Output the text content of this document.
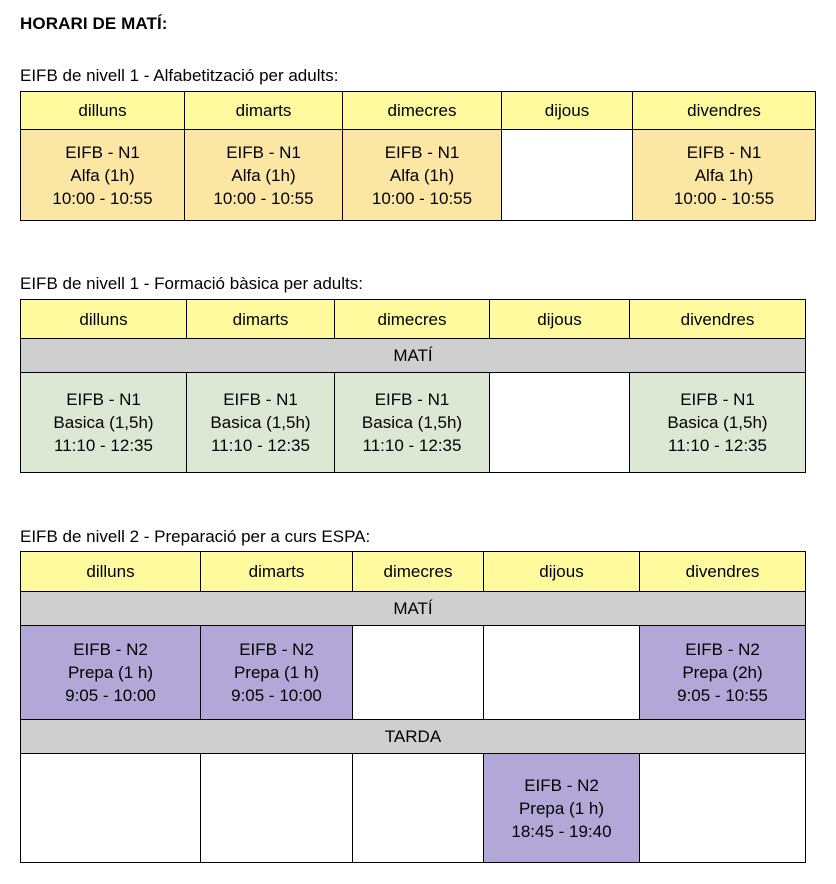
HORARI DE MATÍ:
EIFB de nivell 1 - Alfabetització per adults:
dilluns	dimarts	dimecres	dijous	divendres

EIFB - N1
Alfa (1h)
10:00 - 10:55	EIFB - N1
Alfa (1h)
10:00 - 10:55	EIFB - N1
Alfa (1h)
10:00 - 10:55		EIFB - N1
Alfa 1h)
10:00 - 10:55
EIFB de nivell 1 - Formació bàsica per adults:
dilluns	dimarts	dimecres	dijous	divendres
MATÍ				

EIFB - N1
Basica (1,5h)
11:10 - 12:35	EIFB - N1
Basica (1,5h)
11:10 - 12:35	EIFB - N1
Basica (1,5h)
11:10 - 12:35		EIFB - N1
Basica (1,5h)
11:10 - 12:35
EIFB de nivell 2 - Preparació per a curs ESPA:
dilluns	dimarts	dimecres	dijous	divendres
MATÍ				

EIFB - N2
Prepa (1 h)
9:05 - 10:00	EIFB - N2
Prepa (1 h)
9:05 - 10:00			EIFB - N2
Prepa (2h)
9:05 - 10:55

TARDA				

			EIFB - N2
Prepa (1 h)
18:45 - 19:40	
